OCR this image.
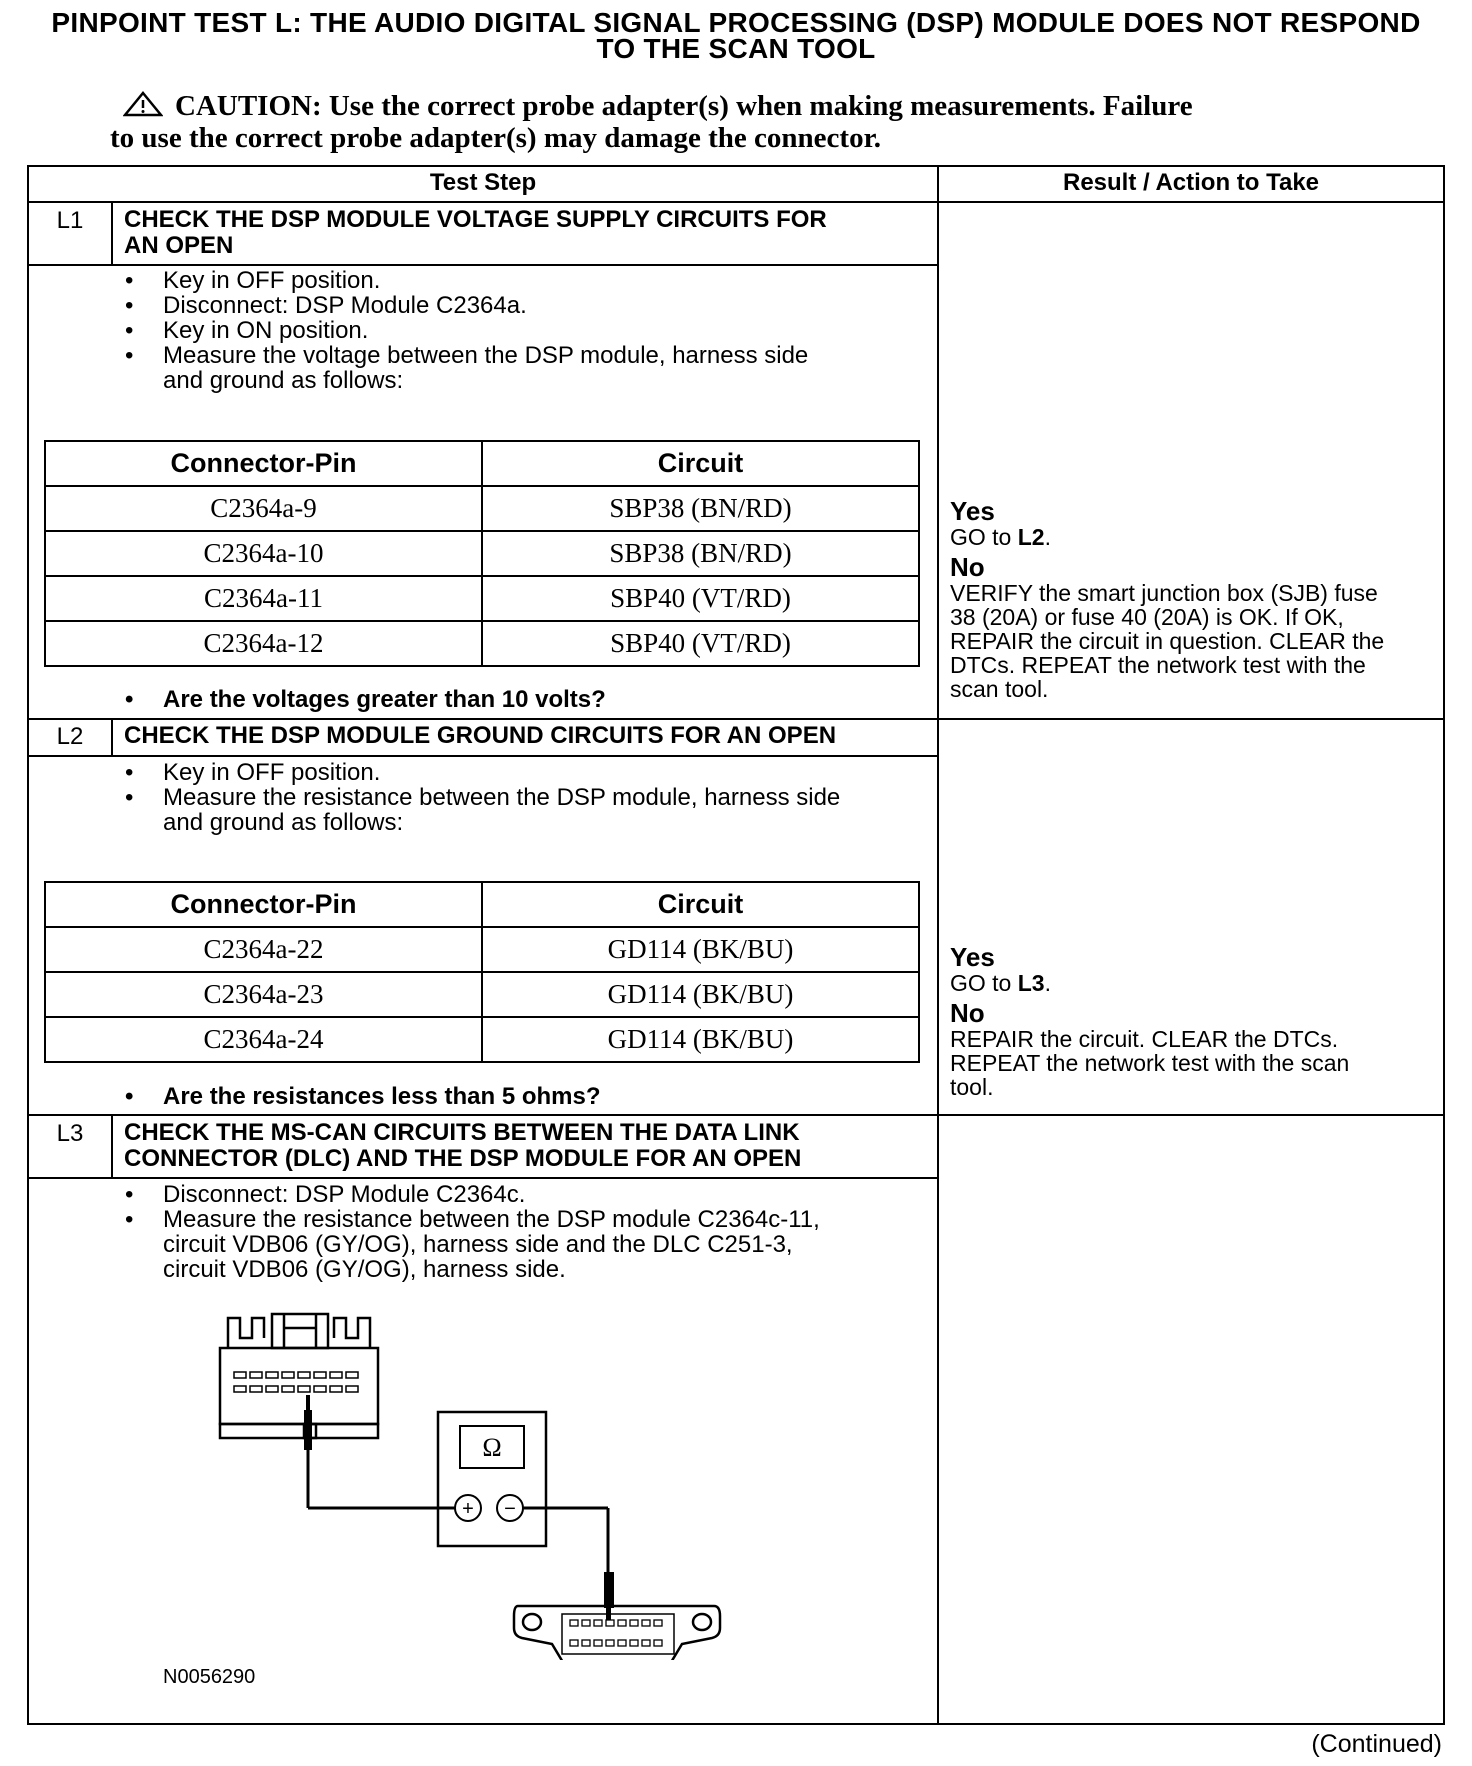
PINPOINT TEST L: THE AUDIO DIGITAL SIGNAL PROCESSING (DSP) MODULE DOES NOT RESPOND
TO THE SCAN TOOL
CAUTION: Use the correct probe adapter(s) when making measurements. Failure
to use the correct probe adapter(s) may damage the connector.
Test Step	Result / Action to Take
L1	CHECK THE DSP MODULE VOLTAGE SUPPLY CIRCUITS FOR
AN OPEN
• Key in OFF position.
• Disconnect: DSP Module C2364a.
• Key in ON position.
• Measure the voltage between the DSP module, harness side
and ground as follows:
Connector-Pin	Circuit
C2364a-9	SBP38 (BN/RD)
C2364a-10	SBP38 (BN/RD)
C2364a-11	SBP40 (VT/RD)
C2364a-12	SBP40 (VT/RD)
• Are the voltages greater than 10 volts?
Yes
GO to L2.
No
VERIFY the smart junction box (SJB) fuse
38 (20A) or fuse 40 (20A) is OK. If OK,
REPAIR the circuit in question. CLEAR the
DTCs. REPEAT the network test with the
scan tool.
L2	CHECK THE DSP MODULE GROUND CIRCUITS FOR AN OPEN
• Key in OFF position.
• Measure the resistance between the DSP module, harness side
and ground as follows:
Connector-Pin	Circuit
C2364a-22	GD114 (BK/BU)
C2364a-23	GD114 (BK/BU)
C2364a-24	GD114 (BK/BU)
• Are the resistances less than 5 ohms?
Yes
GO to L3.
No
REPAIR the circuit. CLEAR the DTCs.
REPEAT the network test with the scan
tool.
L3	CHECK THE MS-CAN CIRCUITS BETWEEN THE DATA LINK
CONNECTOR (DLC) AND THE DSP MODULE FOR AN OPEN
• Disconnect: DSP Module C2364c.
• Measure the resistance between the DSP module C2364c-11,
circuit VDB06 (GY/OG), harness side and the DLC C251-3,
circuit VDB06 (GY/OG), harness side.
Ω
+ −
N0056290
(Continued)
